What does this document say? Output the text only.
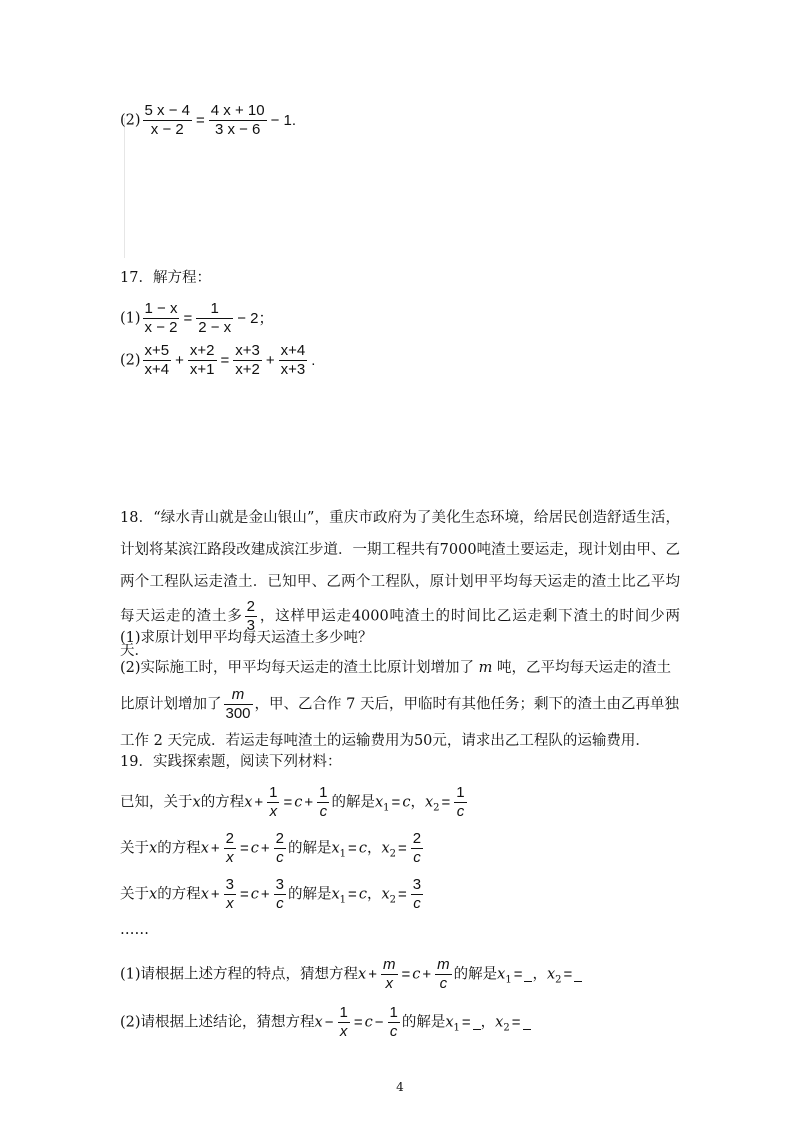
$(2) \frac{5 x - 4}{x - 2} = \frac{4 x + 10}{3 x - 6} - 1$.
17．解方程：
$(1) \frac{1 - x}{x - 2} = \frac{1}{2 - x} - 2$；
$(2) \frac{x+5}{x+4} + \frac{x+2}{x+1} = \frac{x+3}{x+2} + \frac{x+4}{x+3}$ .
18．“绿水青山就是金山银山”，重庆市政府为了美化生态环境，给居民创造舒适生活，计划将某滨江路段改建成滨江步道．一期工程共有7000吨渣土要运走，现计划由甲、乙两个工程队运走渣土．已知甲、乙两个工程队，原计划甲平均每天运走的渣土比乙平均每天运走的渣土多 $\frac{2}{3}$ ，这样甲运走4000吨渣土的时间比乙运走剩下渣土的时间少两天．
(1)求原计划甲平均每天运渣土多少吨？
(2)实际施工时，甲平均每天运走的渣土比原计划增加了 m 吨，乙平均每天运走的渣土比原计划增加了 $\frac{m}{300}$ ，甲、乙合作 7 天后，甲临时有其他任务；剩下的渣土由乙再单独工作 2 天完成．若运走每吨渣土的运输费用为50元，请求出乙工程队的运输费用．
19．实践探索题，阅读下列材料：
已知，关于x的方程$x + \frac{1}{x} = c + \frac{1}{c}$ 的解是$x_1 = c$，$x_2 = \frac{1}{c}$
关于x的方程$x + \frac{2}{x} = c + \frac{2}{c}$ 的解是$x_1 = c$，$x_2 = \frac{2}{c}$
关于x的方程$x + \frac{3}{x} = c + \frac{3}{c}$ 的解是$x_1 = c$，$x_2 = \frac{3}{c}$
……
(1)请根据上述方程的特点，猜想方程$x + \frac{m}{x} = c + \frac{m}{c}$ 的解是$x_1$ = ，$x_2$ =
(2)请根据上述结论，猜想方程$x - \frac{1}{x} = c - \frac{1}{c}$ 的解是$x_1$ = ，$x_2$ =
4
